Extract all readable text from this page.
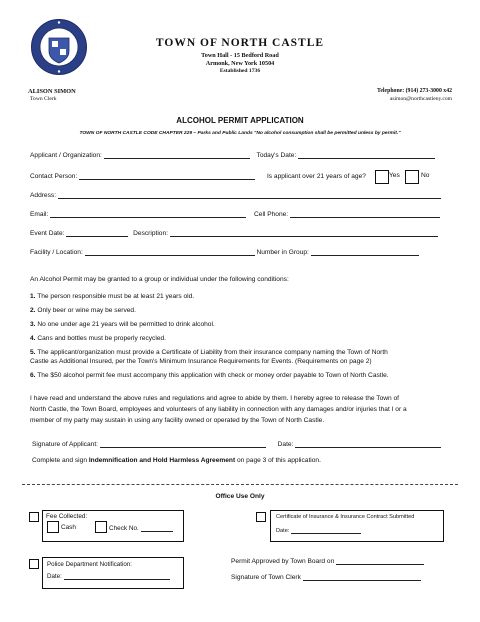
TOWN OF NORTH CASTLE
Town Hall - 15 Bedford Road
Armonk, New York 10504
Established 1736
ALISON SIMON
Town Clerk
Telephone: (914) 273-3000 x42
asimon@northcastleny.com
ALCOHOL PERMIT APPLICATION
TOWN OF NORTH CASTLE CODE CHAPTER 229 – Parks and Public Lands "No alcohol consumption shall be permitted unless by permit."
Applicant / Organization:	Today's Date:
Contact Person:	Is applicant over 21 years of age?	Yes	No
Address:
Email:	Cell Phone:
Event Date:	Description:
Facility / Location:	Number in Group:
An Alcohol Permit may be granted to a group or individual under the following conditions:
1. The person responsible must be at least 21 years old.
2. Only beer or wine may be served.
3. No one under age 21 years will be permitted to drink alcohol.
4. Cans and bottles must be properly recycled.
5. The applicant/organization must provide a Certificate of Liability from their insurance company naming the Town of North
Castle as Additional Insured, per the Town's Minimum Insurance Requirements for Events. (Requirements on page 2)
6. The $50 alcohol permit fee must accompany this application with check or money order payable to Town of North Castle.
I have read and understand the above rules and regulations and agree to abide by them. I hereby agree to release the Town of
North Castle, the Town Board, employees and volunteers of any liability in connection with any damages and/or injuries that I or a
member of my party may sustain in using any facility owned or operated by the Town of North Castle.
Signature of Applicant:	Date:
Complete and sign Indemnification and Hold Harmless Agreement on page 3 of this application.
Office Use Only
Fee Collected:
Cash	Check No.
Certificate of Insurance & Insurance Contract Submitted
Date:
Police Department Notification:
Date:
Permit Approved by Town Board on
Signature of Town Clerk
